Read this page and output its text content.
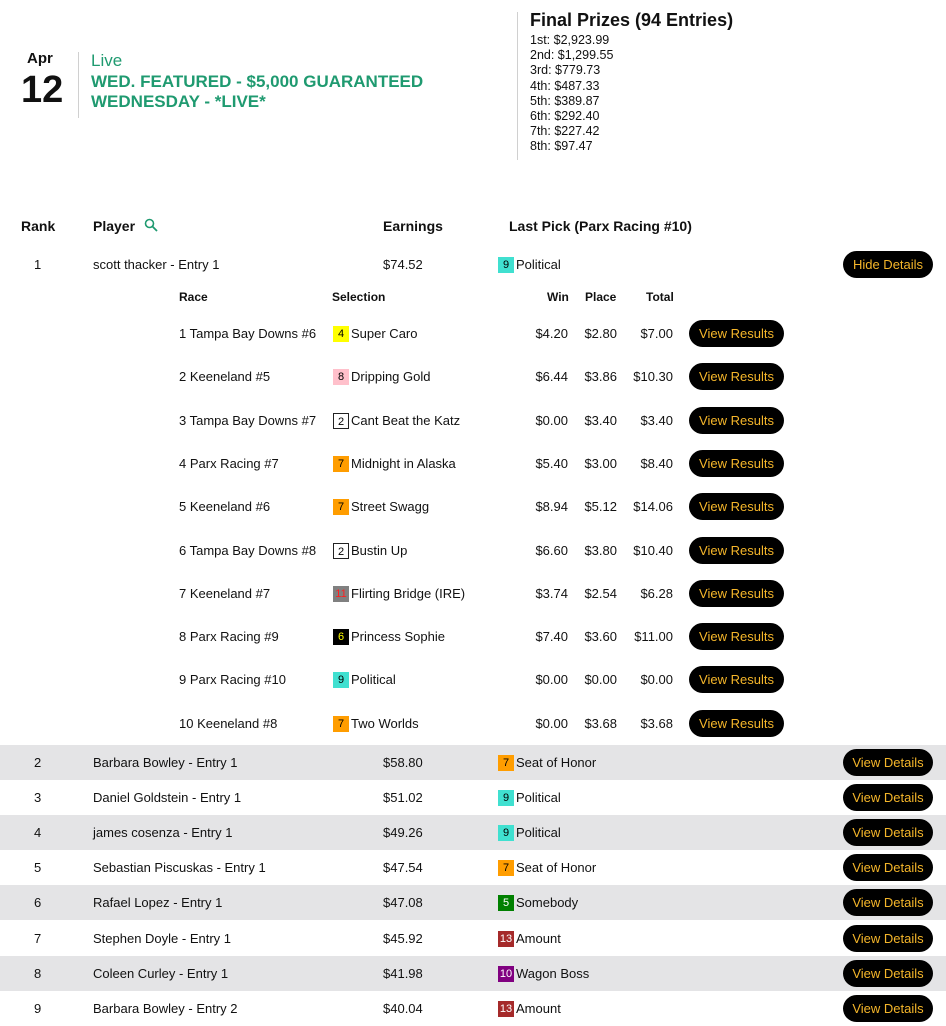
Apr
12
Live
WED. FEATURED - $5,000 GUARANTEED WEDNESDAY - *LIVE*
Final Prizes (94 Entries)
1st: $2,923.99
2nd: $1,299.55
3rd: $779.73
4th: $487.33
5th: $389.87
6th: $292.40
7th: $227.42
8th: $97.47
Rank	Player	Earnings	Last Pick (Parx Racing #10)
1	scott thacker - Entry 1	$74.52	9 Political	Hide Details
2	Barbara Bowley - Entry 1	$58.80	7 Seat of Honor	View Details
3	Daniel Goldstein - Entry 1	$51.02	9 Political	View Details
4	james cosenza - Entry 1	$49.26	9 Political	View Details
5	Sebastian Piscuskas - Entry 1	$47.54	7 Seat of Honor	View Details
6	Rafael Lopez - Entry 1	$47.08	5 Somebody	View Details
7	Stephen Doyle - Entry 1	$45.92	13 Amount	View Details
8	Coleen Curley - Entry 1	$41.98	10 Wagon Boss	View Details
9	Barbara Bowley - Entry 2	$40.04	13 Amount	View Details
Race	Selection	Win Place Total
1 Tampa Bay Downs #6	4 Super Caro	$4.20	$2.80	$7.00	View Results
2 Keeneland #5	8 Dripping Gold	$6.44	$3.86	$10.30	View Results
3 Tampa Bay Downs #7	2 Cant Beat the Katz	$0.00	$3.40	$3.40	View Results
4 Parx Racing #7	7 Midnight in Alaska	$5.40	$3.00	$8.40	View Results
5 Keeneland #6	7 Street Swagg	$8.94	$5.12	$14.06	View Results
6 Tampa Bay Downs #8	2 Bustin Up	$6.60	$3.80	$10.40	View Results
7 Keeneland #7	11 Flirting Bridge (IRE)	$3.74	$2.54	$6.28	View Results
8 Parx Racing #9	6 Princess Sophie	$7.40	$3.60	$11.00	View Results
9 Parx Racing #10	9 Political	$0.00	$0.00	$0.00	View Results
10 Keeneland #8	7 Two Worlds	$0.00	$3.68	$3.68	View Results
